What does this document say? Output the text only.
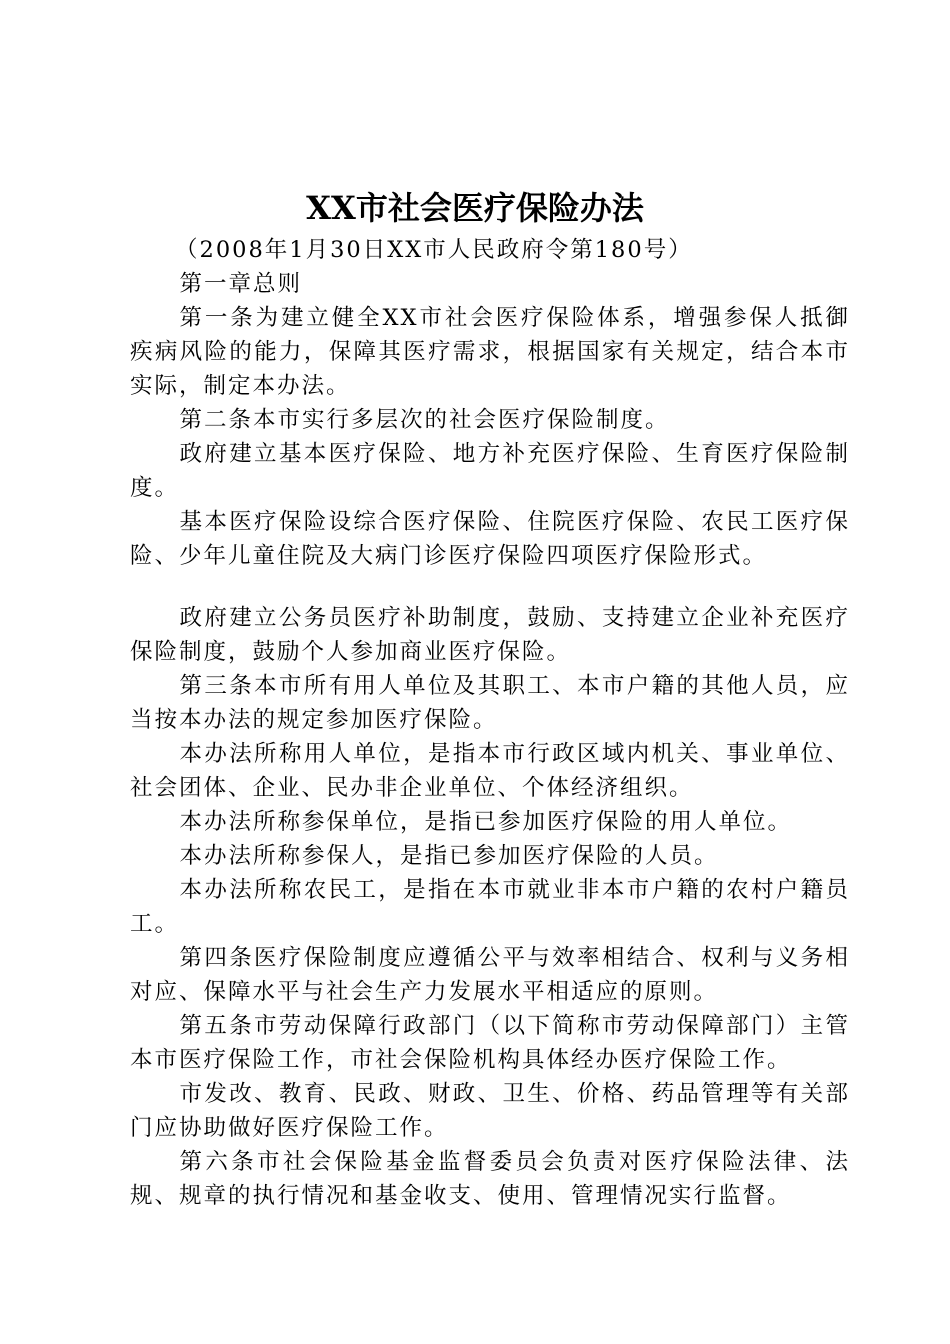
XX市社会医疗保险办法

（2008年1月30日XX市人民政府令第180号）

第一章总则

第一条为建立健全XX市社会医疗保险体系，增强参保人抵御疾病风险的能力，保障其医疗需求，根据国家有关规定，结合本市实际，制定本办法。

第二条本市实行多层次的社会医疗保险制度。

政府建立基本医疗保险、地方补充医疗保险、生育医疗保险制度。

基本医疗保险设综合医疗保险、住院医疗保险、农民工医疗保险、少年儿童住院及大病门诊医疗保险四项医疗保险形式。

政府建立公务员医疗补助制度，鼓励、支持建立企业补充医疗保险制度，鼓励个人参加商业医疗保险。

第三条本市所有用人单位及其职工、本市户籍的其他人员，应当按本办法的规定参加医疗保险。

本办法所称用人单位，是指本市行政区域内机关、事业单位、社会团体、企业、民办非企业单位、个体经济组织。

本办法所称参保单位，是指已参加医疗保险的用人单位。

本办法所称参保人，是指已参加医疗保险的人员。

本办法所称农民工，是指在本市就业非本市户籍的农村户籍员工。

第四条医疗保险制度应遵循公平与效率相结合、权利与义务相对应、保障水平与社会生产力发展水平相适应的原则。

第五条市劳动保障行政部门（以下简称市劳动保障部门）主管本市医疗保险工作，市社会保险机构具体经办医疗保险工作。

市发改、教育、民政、财政、卫生、价格、药品管理等有关部门应协助做好医疗保险工作。

第六条市社会保险基金监督委员会负责对医疗保险法律、法规、规章的执行情况和基金收支、使用、管理情况实行监督。
